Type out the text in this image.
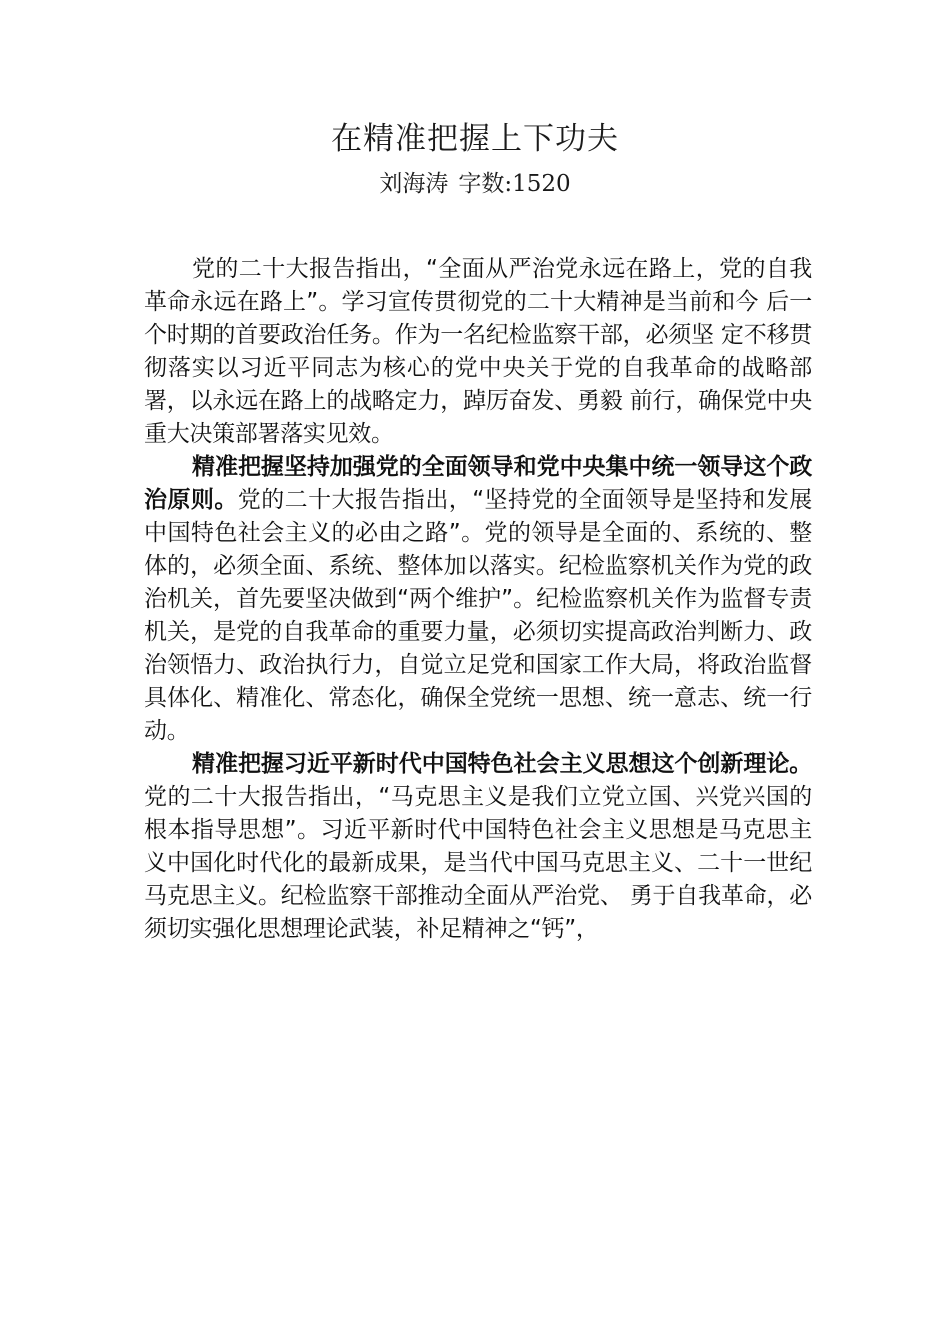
在精准把握上下功夫
刘海涛 字数:1520

党的二十大报告指出，“全面从严治党永远在路上，党的自我革命永远在路上”。学习宣传贯彻党的二十大精神是当前和今 后一个时期的首要政治任务。作为一名纪检监察干部，必须坚 定不移贯彻落实以习近平同志为核心的党中央关于党的自我革命的战略部署，以永远在路上的战略定力，踔厉奋发、勇毅 前行，确保党中央重大决策部署落实见效。

精准把握坚持加强党的全面领导和党中央集中统一领导这个政治原则。党的二十大报告指出，“坚持党的全面领导是坚持和发展中国特色社会主义的必由之路”。党的领导是全面的、系统的、整体的，必须全面、系统、整体加以落实。纪检监察机关作为党的政治机关，首先要坚决做到“两个维护”。纪检监察机关作为监督专责机关，是党的自我革命的重要力量，必须切实提高政治判断力、政治领悟力、政治执行力，自觉立足党和国家工作大局，将政治监督具体化、精准化、常态化，确保全党统一思想、统一意志、统一行动。

精准把握习近平新时代中国特色社会主义思想这个创新理论。党的二十大报告指出，“马克思主义是我们立党立国、兴党兴国的根本指导思想”。习近平新时代中国特色社会主义思想是马克思主义中国化时代化的最新成果，是当代中国马克思主义、二十一世纪马克思主义。纪检监察干部推动全面从严治党、 勇于自我革命，必须切实强化思想理论武装，补足精神之“钙”，
